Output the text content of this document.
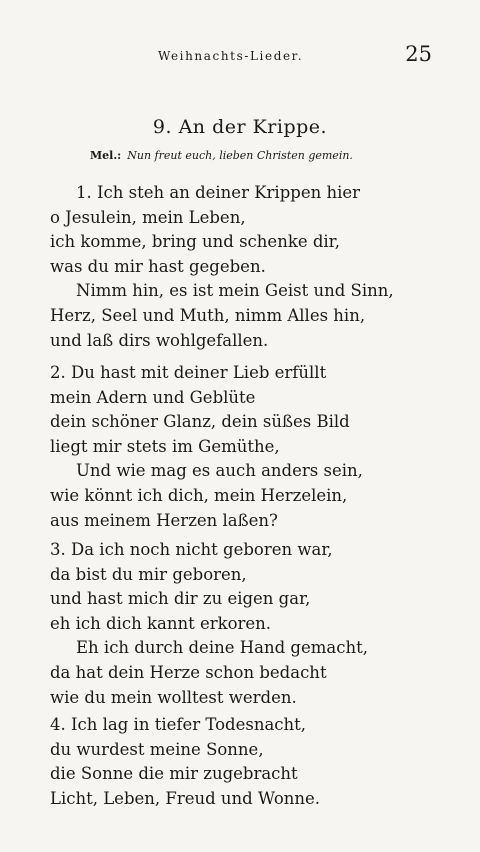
Weihnachts-Lieder.	25
9. An der Krippe.
Mel.: Nun freut euch, lieben Christen gemein.
1. Ich steh an deiner Krippen hier
o Jesulein, mein Leben,
ich komme, bring und schenke dir,
was du mir hast gegeben.
Nimm hin, es ist mein Geist und Sinn,
Herz, Seel und Muth, nimm Alles hin,
und laß dirs wohlgefallen.
2. Du hast mit deiner Lieb erfüllt
mein Adern und Geblüte
dein schöner Glanz, dein süßes Bild
liegt mir stets im Gemüthe,
Und wie mag es auch anders sein,
wie könnt ich dich, mein Herzelein,
aus meinem Herzen laßen?
3. Da ich noch nicht geboren war,
da bist du mir geboren,
und hast mich dir zu eigen gar,
eh ich dich kannt erkoren.
Eh ich durch deine Hand gemacht,
da hat dein Herze schon bedacht
wie du mein wolltest werden.
4. Ich lag in tiefer Todesnacht,
du wurdest meine Sonne,
die Sonne die mir zugebracht
Licht, Leben, Freud und Wonne.
